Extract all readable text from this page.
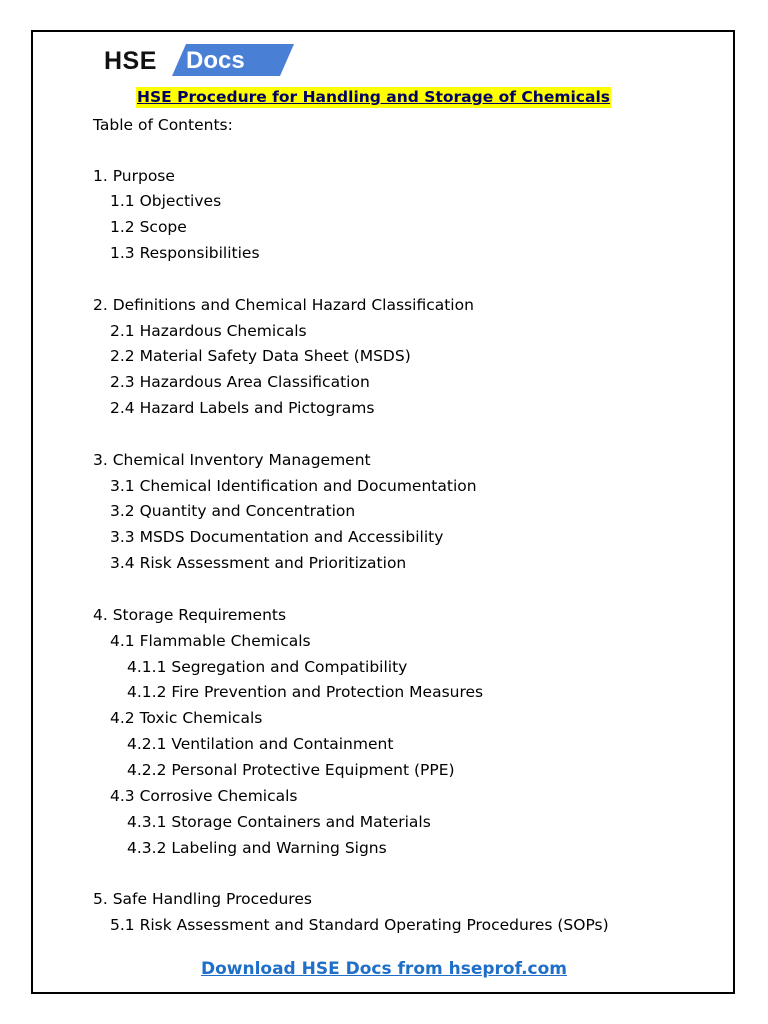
HSE Docs
HSE Procedure for Handling and Storage of Chemicals
Table of Contents:
1. Purpose
1.1 Objectives
1.2 Scope
1.3 Responsibilities
2. Definitions and Chemical Hazard Classification
2.1 Hazardous Chemicals
2.2 Material Safety Data Sheet (MSDS)
2.3 Hazardous Area Classification
2.4 Hazard Labels and Pictograms
3. Chemical Inventory Management
3.1 Chemical Identification and Documentation
3.2 Quantity and Concentration
3.3 MSDS Documentation and Accessibility
3.4 Risk Assessment and Prioritization
4. Storage Requirements
4.1 Flammable Chemicals
4.1.1 Segregation and Compatibility
4.1.2 Fire Prevention and Protection Measures
4.2 Toxic Chemicals
4.2.1 Ventilation and Containment
4.2.2 Personal Protective Equipment (PPE)
4.3 Corrosive Chemicals
4.3.1 Storage Containers and Materials
4.3.2 Labeling and Warning Signs
5. Safe Handling Procedures
5.1 Risk Assessment and Standard Operating Procedures (SOPs)
Download HSE Docs from hseprof.com
